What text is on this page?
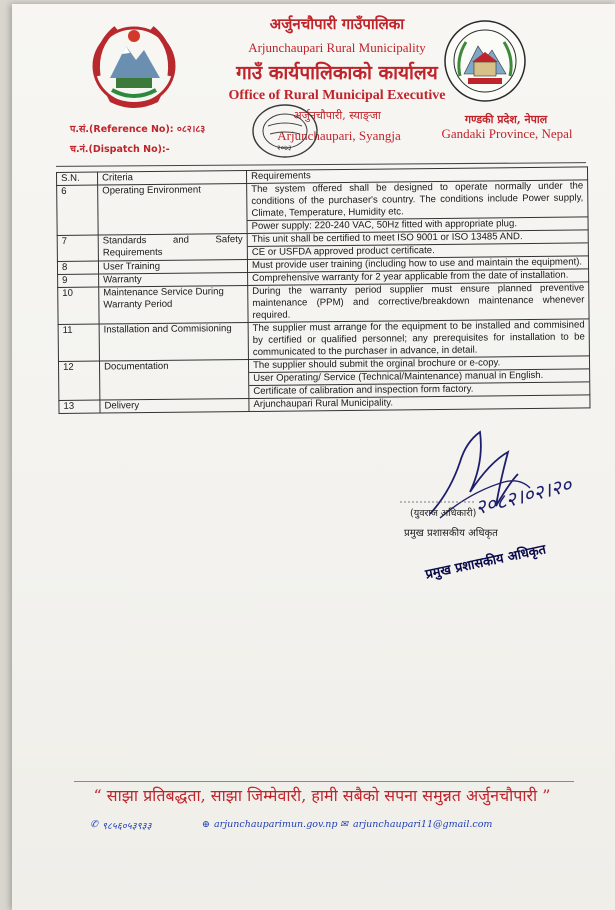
अर्जुनचौपारी गाउँपालिका
Arjunchaupari Rural Municipality
गाउँ कार्यपालिकाको कार्यालय
Office of Rural Municipal Executive
अर्जुनचौपारी, स्याङ्जा
Arjunchaupari, Syangja
गण्डकी प्रदेश, नेपाल
Gandaki Province, Nepal
प.सं.(Reference No): ०८२।८३
च.नं.(Dispatch No):-	२०७३
S.N.	Criteria	Requirements
6	Operating Environment	The system offered shall be designed to operate normally under the conditions of the purchaser's country. The conditions include Power supply, Climate, Temperature, Humidity etc.
Power supply: 220-240 VAC, 50Hz fitted with appropriate plug.

7	Standards and Safety Requirements	This unit shall be certified to meet ISO 9001 or ISO 13485 AND.
CE or USFDA approved product certificate.

8	User Training	Must provide user training (including how to use and maintain the equipment).
9	Warranty	Comprehensive warranty for 2 year applicable from the date of installation.
10	Maintenance Service During Warranty Period	During the warranty period supplier must ensure planned preventive maintenance (PPM) and corrective/breakdown maintenance whenever required.
11	Installation and Commisioning	The supplier must arrange for the equipment to be installed and commisined by certified or qualified personnel; any prerequisites for installation to be communicated to the purchaser in advance, in detail.
12	Documentation	The supplier should submit the orginal brochure or e-copy.
User Operating/ Service (Technical/Maintenance) manual in English.
Certificate of calibration and inspection form factory.

13	Delivery	Arjunchaupari Rural Municipality.
२०८२।०२।२०
(युवराज अधिकारी)
प्रमुख प्रशासकीय अधिकृत
प्रमुख प्रशासकीय अधिकृत
“ साझा प्रतिबद्धता, साझा जिम्मेवारी, हामी सबैको सपना समुन्नत अर्जुनचौपारी ”
✆ ९८५६०५३९३३	⊕ arjunchauparimun.gov.np ✉ arjunchaupari11@gmail.com
